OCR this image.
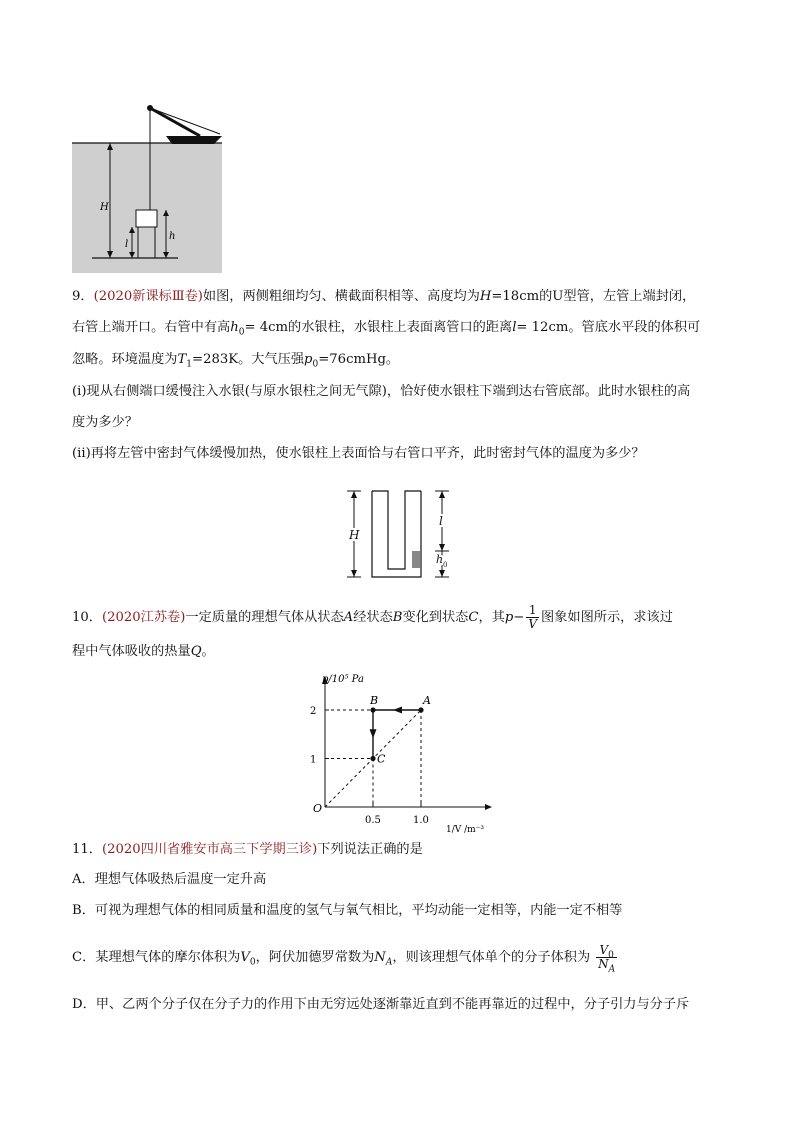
H
h
l
9．(2020新课标Ⅲ卷)如图，两侧粗细均匀、横截面积相等、高度均为H=18cm的U型管，左管上端封闭，
右管上端开口。右管中有高$h_0= 4cm$的水银柱，水银柱上表面离管口的距离l= 12cm。管底水平段的体积可
忽略。环境温度为$T_1=283K$。大气压强$p_0=76cmHg$。
(i)现从右侧端口缓慢注入水银(与原水银柱之间无气隙)，恰好使水银柱下端到达右管底部。此时水银柱的高
度为多少？
(ii)再将左管中密封气体缓慢加热，使水银柱上表面恰与右管口平齐，此时密封气体的温度为多少？
H
l
h 0
10．(2020江苏卷)一定质量的理想气体从状态A经状态B变化到状态C，其$p- \frac{1}{V}$ 图象如图所示，求该过
程中气体吸收的热量Q。
p/10⁵ Pa
1/V /m⁻³
O
0.5	1.0
1
2
A
B
C
11．(2020四川省雅安市高三下学期三诊)下列说法正确的是
A．理想气体吸热后温度一定升高
B．可视为理想气体的相同质量和温度的氢气与氧气相比，平均动能一定相等，内能一定不相等
C．某理想气体的摩尔体积为$V_0$，阿伏加德罗常数为$N_A$，则该理想气体单个的分子体积为 $\frac{V_0}{N_A}$
D．甲、乙两个分子仅在分子力的作用下由无穷远处逐渐靠近直到不能再靠近的过程中，分子引力与分子斥
